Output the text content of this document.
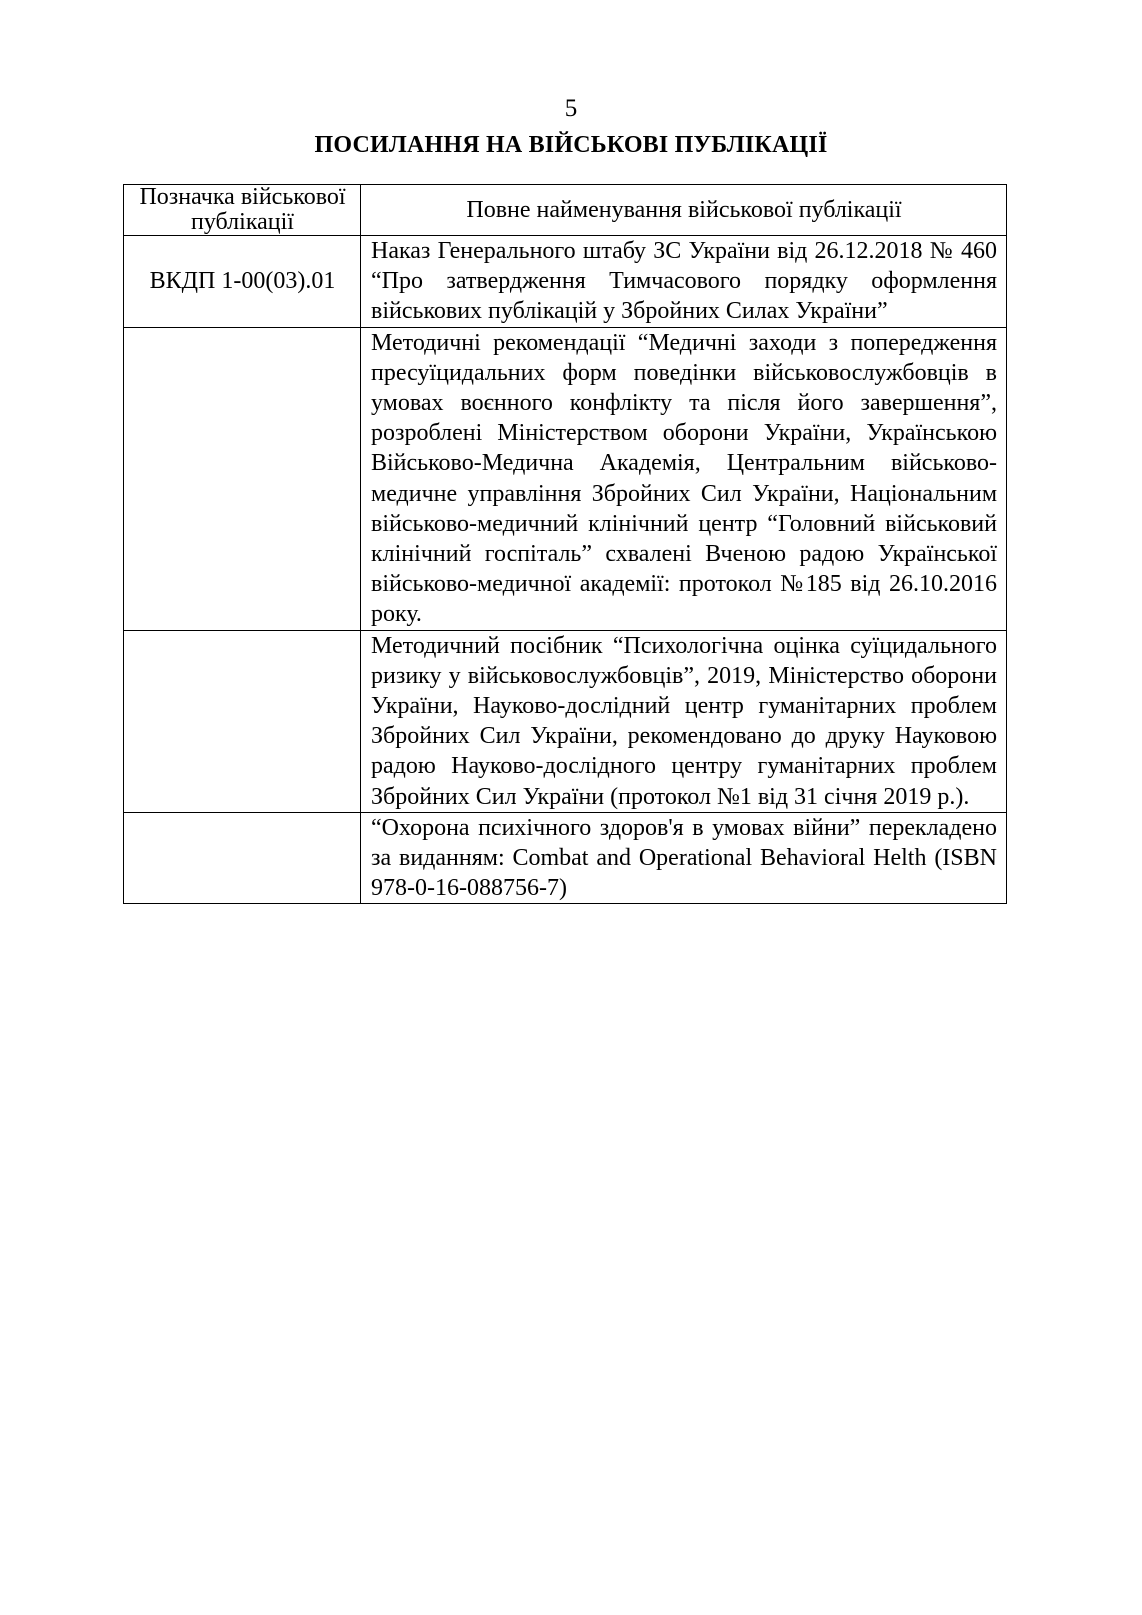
5
ПОСИЛАННЯ НА ВІЙСЬКОВІ ПУБЛІКАЦІЇ
Позначка військової публікації	Повне найменування військової публікації
ВКДП 1-00(03).01	Наказ Генерального штабу ЗС України від 26.12.2018 № 460 “Про затвердження Тимчасового порядку оформлення військових публікацій у Збройних Силах України”
	Методичні рекомендації “Медичні заходи з попередження пресуїцидальних форм поведінки військовослужбовців в умовах воєнного конфлікту та після його завершення”, розроблені Міністерством оборони України, Українською Військово-Медична Академія, Центральним військово-медичне управління Збройних Сил України, Національним військово-медичний клінічний центр “Головний військовий клінічний госпіталь” схвалені Вченою радою Української військово-медичної академії: протокол №185 від 26.10.2016 року.
	Методичний посібник “Психологічна оцінка суїцидального ризику у військовослужбовців”, 2019, Міністерство оборони України, Науково-дослідний центр гуманітарних проблем Збройних Сил України, рекомендовано до друку Науковою радою Науково-дослідного центру гуманітарних проблем Збройних Сил України (протокол №1 від 31 січня 2019 р.).
	“Охорона психічного здоров'я в умовах війни” перекладено за виданням: Combat and Operational Behavioral Helth (ISBN 978-0-16-088756-7)
